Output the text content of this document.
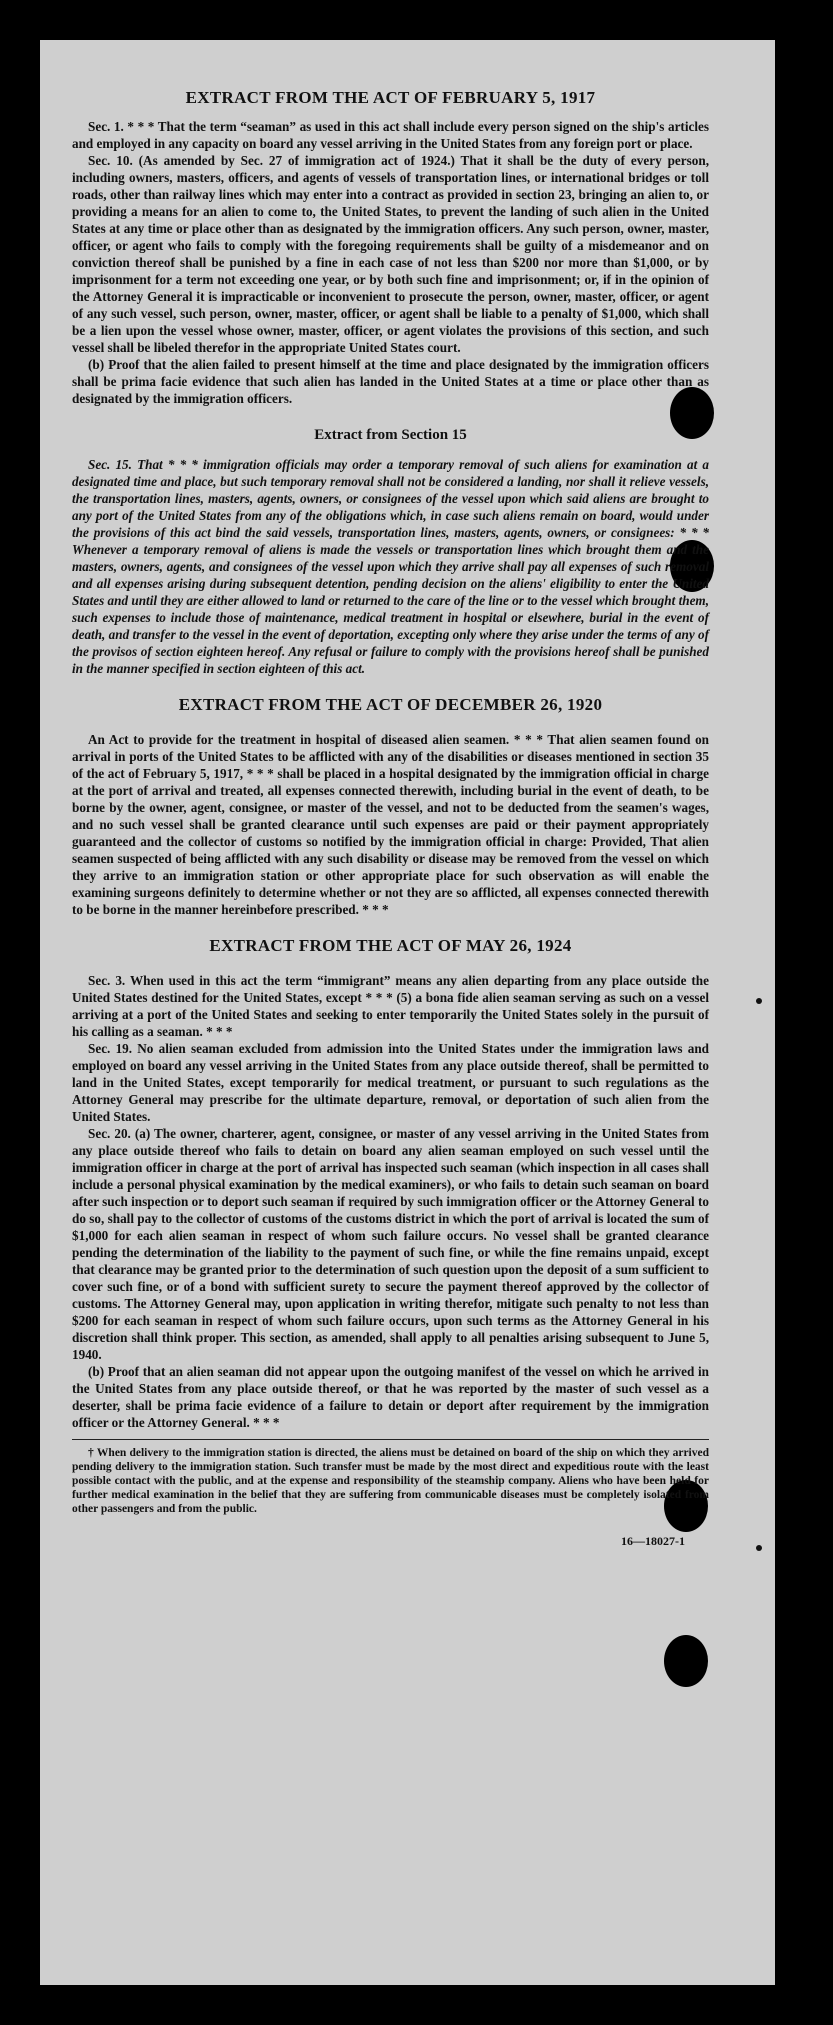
EXTRACT FROM THE ACT OF FEBRUARY 5, 1917

Sec. 1. * * * That the term “seaman” as used in this act shall include every person signed on the ship's articles and employed in any capacity on board any vessel arriving in the United States from any foreign port or place.

Sec. 10. (As amended by Sec. 27 of immigration act of 1924.) That it shall be the duty of every person, including owners, masters, officers, and agents of vessels of transportation lines, or international bridges or toll roads, other than railway lines which may enter into a contract as provided in section 23, bringing an alien to, or providing a means for an alien to come to, the United States, to prevent the landing of such alien in the United States at any time or place other than as designated by the immigration officers. Any such person, owner, master, officer, or agent who fails to comply with the foregoing requirements shall be guilty of a misdemeanor and on conviction thereof shall be punished by a fine in each case of not less than $200 nor more than $1,000, or by imprisonment for a term not exceeding one year, or by both such fine and imprisonment; or, if in the opinion of the Attorney General it is impracticable or inconvenient to prosecute the person, owner, master, officer, or agent of any such vessel, such person, owner, master, officer, or agent shall be liable to a penalty of $1,000, which shall be a lien upon the vessel whose owner, master, officer, or agent violates the provisions of this section, and such vessel shall be libeled therefor in the appropriate United States court.

(b) Proof that the alien failed to present himself at the time and place designated by the immigration officers shall be prima facie evidence that such alien has landed in the United States at a time or place other than as designated by the immigration officers.

Extract from Section 15

Sec. 15. That * * * immigration officials may order a temporary removal of such aliens for examination at a designated time and place, but such temporary removal shall not be considered a landing, nor shall it relieve vessels, the transportation lines, masters, agents, owners, or consignees of the vessel upon which said aliens are brought to any port of the United States from any of the obligations which, in case such aliens remain on board, would under the provisions of this act bind the said vessels, transportation lines, masters, agents, owners, or consignees: * * * Whenever a temporary removal of aliens is made the vessels or transportation lines which brought them and the masters, owners, agents, and consignees of the vessel upon which they arrive shall pay all expenses of such removal and all expenses arising during subsequent detention, pending decision on the aliens' eligibility to enter the United States and until they are either allowed to land or returned to the care of the line or to the vessel which brought them, such expenses to include those of maintenance, medical treatment in hospital or elsewhere, burial in the event of death, and transfer to the vessel in the event of deportation, excepting only where they arise under the terms of any of the provisos of section eighteen hereof. Any refusal or failure to comply with the provisions hereof shall be punished in the manner specified in section eighteen of this act.

EXTRACT FROM THE ACT OF DECEMBER 26, 1920

An Act to provide for the treatment in hospital of diseased alien seamen. * * * That alien seamen found on arrival in ports of the United States to be afflicted with any of the disabilities or diseases mentioned in section 35 of the act of February 5, 1917, * * * shall be placed in a hospital designated by the immigration official in charge at the port of arrival and treated, all expenses connected therewith, including burial in the event of death, to be borne by the owner, agent, consignee, or master of the vessel, and not to be deducted from the seamen's wages, and no such vessel shall be granted clearance until such expenses are paid or their payment appropriately guaranteed and the collector of customs so notified by the immigration official in charge: Provided, That alien seamen suspected of being afflicted with any such disability or disease may be removed from the vessel on which they arrive to an immigration station or other appropriate place for such observation as will enable the examining surgeons definitely to determine whether or not they are so afflicted, all expenses connected therewith to be borne in the manner hereinbefore prescribed. * * *

EXTRACT FROM THE ACT OF MAY 26, 1924

Sec. 3. When used in this act the term “immigrant” means any alien departing from any place outside the United States destined for the United States, except * * * (5) a bona fide alien seaman serving as such on a vessel arriving at a port of the United States and seeking to enter temporarily the United States solely in the pursuit of his calling as a seaman. * * *

Sec. 19. No alien seaman excluded from admission into the United States under the immigration laws and employed on board any vessel arriving in the United States from any place outside thereof, shall be permitted to land in the United States, except temporarily for medical treatment, or pursuant to such regulations as the Attorney General may prescribe for the ultimate departure, removal, or deportation of such alien from the United States.

Sec. 20. (a) The owner, charterer, agent, consignee, or master of any vessel arriving in the United States from any place outside thereof who fails to detain on board any alien seaman employed on such vessel until the immigration officer in charge at the port of arrival has inspected such seaman (which inspection in all cases shall include a personal physical examination by the medical examiners), or who fails to detain such seaman on board after such inspection or to deport such seaman if required by such immigration officer or the Attorney General to do so, shall pay to the collector of customs of the customs district in which the port of arrival is located the sum of $1,000 for each alien seaman in respect of whom such failure occurs. No vessel shall be granted clearance pending the determination of the liability to the payment of such fine, or while the fine remains unpaid, except that clearance may be granted prior to the determination of such question upon the deposit of a sum sufficient to cover such fine, or of a bond with sufficient surety to secure the payment thereof approved by the collector of customs. The Attorney General may, upon application in writing therefor, mitigate such penalty to not less than $200 for each seaman in respect of whom such failure occurs, upon such terms as the Attorney General in his discretion shall think proper. This section, as amended, shall apply to all penalties arising subsequent to June 5, 1940.

(b) Proof that an alien seaman did not appear upon the outgoing manifest of the vessel on which he arrived in the United States from any place outside thereof, or that he was reported by the master of such vessel as a deserter, shall be prima facie evidence of a failure to detain or deport after requirement by the immigration officer or the Attorney General. * * *

† When delivery to the immigration station is directed, the aliens must be detained on board of the ship on which they arrived pending delivery to the immigration station. Such transfer must be made by the most direct and expeditious route with the least possible contact with the public, and at the expense and responsibility of the steamship company. Aliens who have been held for further medical examination in the belief that they are suffering from communicable diseases must be completely isolated from other passengers and from the public.

16—18027-1
